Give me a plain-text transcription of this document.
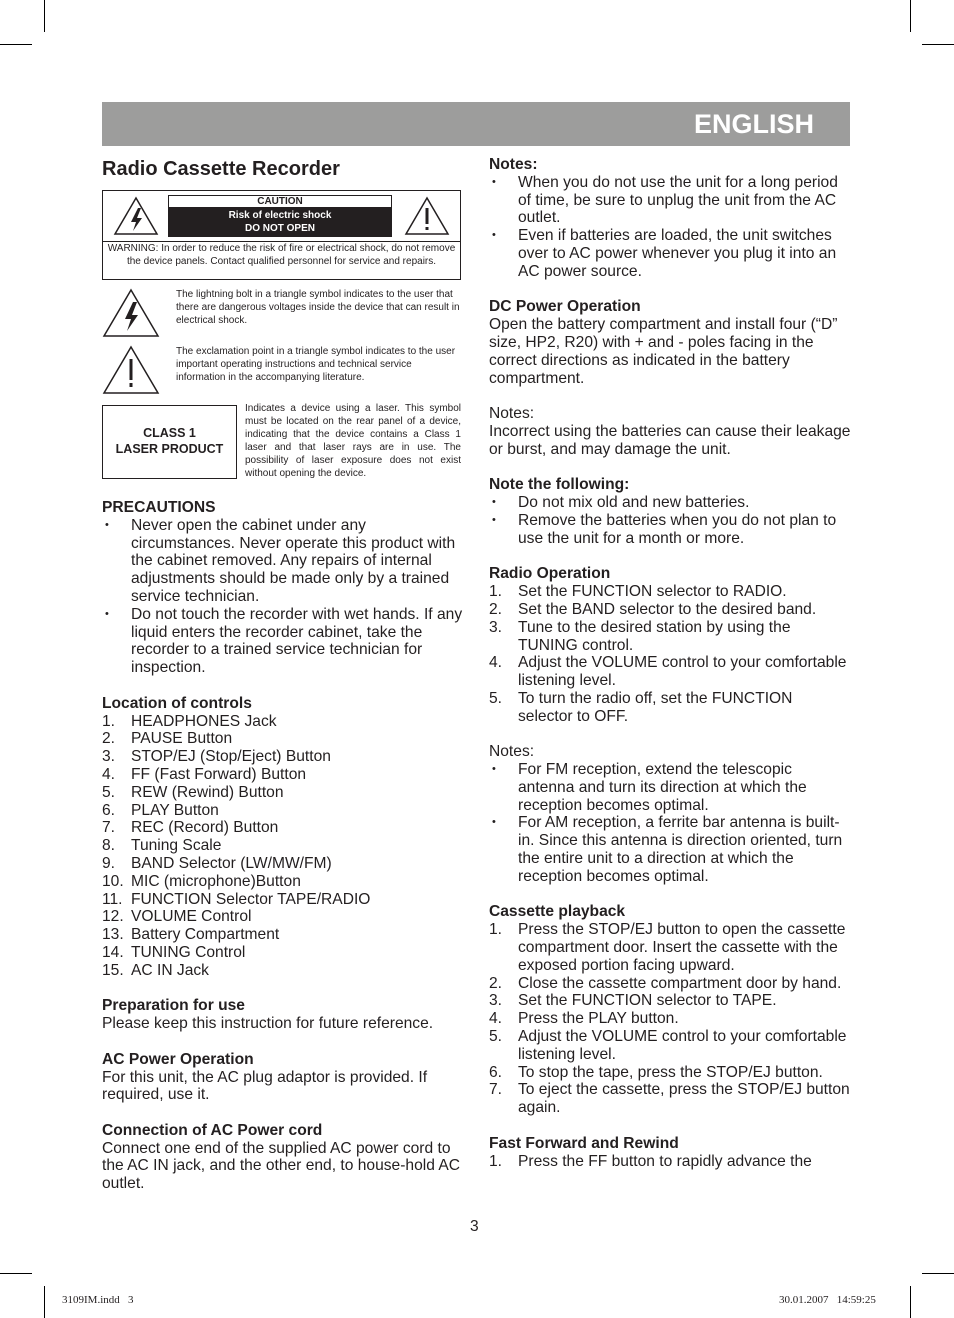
ENGLISH
Radio Cassette Recorder
CAUTION
Risk of electric shock
DO NOT OPEN
WARNING: In order to reduce the risk of fire or electrical shock, do not remove the device panels. Contact qualified personnel for service and repairs.
The lightning bolt in a triangle symbol indicates to the user that there are dangerous voltages inside the device that can result in electrical shock.
The exclamation point in a triangle symbol indicates to the user important operating instructions and technical service information in the accompanying literature.
CLASS 1
LASER PRODUCT
Indicates a device using a laser. This symbol must be located on the rear panel of a device, indicating that the device contains a Class 1 laser and that laser rays are in use. The possibility of laser exposure does not exist without opening the device.
PRECAUTIONS
• Never open the cabinet under any circumstances. Never operate this product with the cabinet removed. Any repairs of internal adjustments should be made only by a trained service technician.
• Do not touch the recorder with wet hands. If any liquid enters the recorder cabinet, take the recorder to a trained service technician for inspection.
Location of controls
1. HEADPHONES Jack
2. PAUSE Button
3. STOP/EJ (Stop/Eject) Button
4. FF (Fast Forward) Button
5. REW (Rewind) Button
6. PLAY Button
7. REC (Record) Button
8. Tuning Scale
9. BAND Selector (LW/MW/FM)
10. MIC (microphone)Button
11. FUNCTION Selector TAPE/RADIO
12. VOLUME Control
13. Battery Compartment
14. TUNING Control
15. AC IN Jack
Preparation for use
Please keep this instruction for future reference.
AC Power Operation
For this unit, the AC plug adaptor is provided. If required, use it.
Connection of AC Power cord
Connect one end of the supplied AC power cord to the AC IN jack, and the other end, to house-hold AC outlet.
Notes:
• When you do not use the unit for a long period of time, be sure to unplug the unit from the AC outlet.
• Even if batteries are loaded, the unit switches over to AC power whenever you plug it into an AC power source.
DC Power Operation
Open the battery compartment and install four (“D” size, HP2, R20) with + and - poles facing in the correct directions as indicated in the battery compartment.
Notes:
Incorrect using the batteries can cause their leakage or burst, and may damage the unit.
Note the following:
• Do not mix old and new batteries.
• Remove the batteries when you do not plan to use the unit for a month or more.
Radio Operation
1. Set the FUNCTION selector to RADIO.
2. Set the BAND selector to the desired band.
3. Tune to the desired station by using the TUNING control.
4. Adjust the VOLUME control to your comfortable listening level.
5. To turn the radio off, set the FUNCTION selector to OFF.
Notes:
• For FM reception, extend the telescopic antenna and turn its direction at which the reception becomes optimal.
• For AM reception, a ferrite bar antenna is built-in. Since this antenna is direction oriented, turn the entire unit to a direction at which the reception becomes optimal.
Cassette playback
1. Press the STOP/EJ button to open the cassette compartment door. Insert the cassette with the exposed portion facing upward.
2. Close the cassette compartment door by hand.
3. Set the FUNCTION selector to TAPE.
4. Press the PLAY button.
5. Adjust the VOLUME control to your comfortable listening level.
6. To stop the tape, press the STOP/EJ button.
7. To eject the cassette, press the STOP/EJ button again.
Fast Forward and Rewind
1. Press the FF button to rapidly advance the
3
3109IM.indd   3	30.01.2007   14:59:25
